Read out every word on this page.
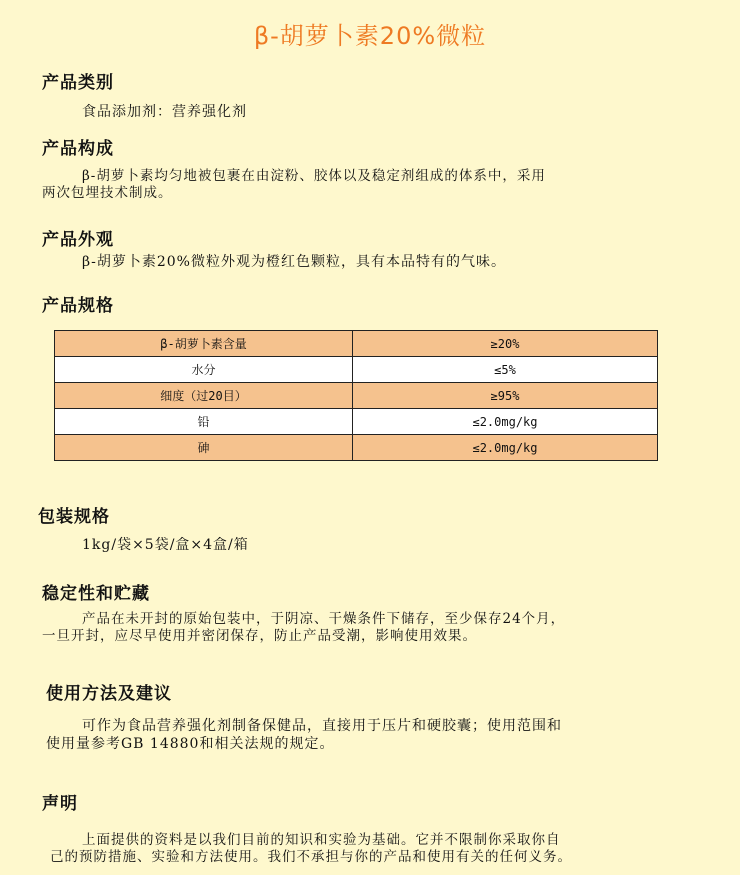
β-胡萝卜素20%微粒
产品类别
食品添加剂：营养强化剂
产品构成
β-胡萝卜素均匀地被包裹在由淀粉、胶体以及稳定剂组成的体系中，采用
两次包埋技术制成。
产品外观
β-胡萝卜素20%微粒外观为橙红色颗粒，具有本品特有的气味。
产品规格
β-胡萝卜素含量	≥20%
水分	≤5%
细度（过20目）	≥95%
铅	≤2.0mg/kg
砷	≤2.0mg/kg
包装规格
1kg/袋×5袋/盒×4盒/箱
稳定性和贮藏
产品在未开封的原始包装中，于阴凉、干燥条件下储存，至少保存24个月，
一旦开封，应尽早使用并密闭保存，防止产品受潮，影响使用效果。
使用方法及建议
可作为食品营养强化剂制备保健品，直接用于压片和硬胶囊；使用范围和
使用量参考GB 14880和相关法规的规定。
声明
上面提供的资料是以我们目前的知识和实验为基础。它并不限制你采取你自
己的预防措施、实验和方法使用。我们不承担与你的产品和使用有关的任何义务。
